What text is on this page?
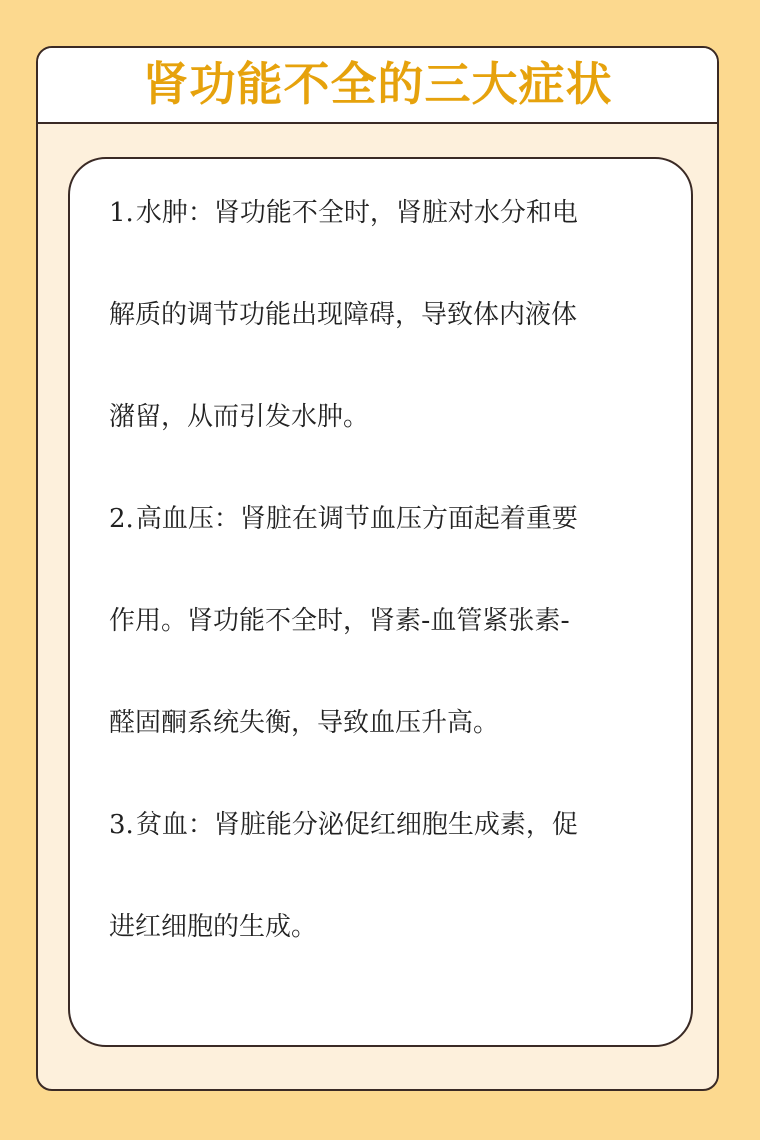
肾功能不全的三大症状
1.水肿：肾功能不全时，肾脏对水分和电
解质的调节功能出现障碍，导致体内液体
潴留，从而引发水肿。
2.高血压：肾脏在调节血压方面起着重要
作用。肾功能不全时，肾素-血管紧张素-
醛固酮系统失衡，导致血压升高。
3.贫血：肾脏能分泌促红细胞生成素，促
进红细胞的生成。
